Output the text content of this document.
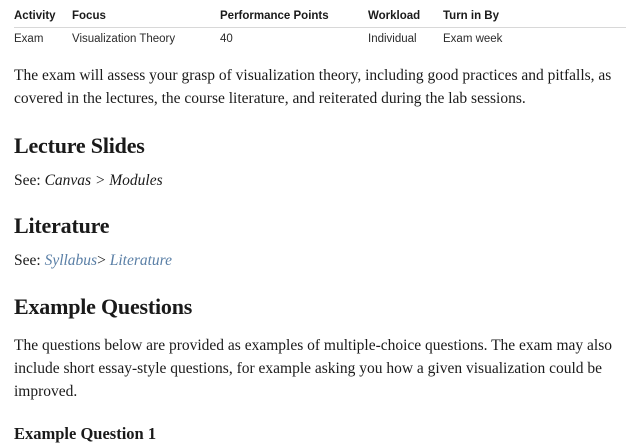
Activity	Focus	Performance Points	Workload	Turn in By
Exam	Visualization Theory	40	Individual	Exam week

The exam will assess your grasp of visualization theory, including good practices and pitfalls, as covered in the lectures, the course literature, and reiterated during the lab sessions.

Lecture Slides

See: Canvas > Modules

Literature

See: Syllabus> Literature

Example Questions

The questions below are provided as examples of multiple-choice questions. The exam may also include short essay-style questions, for example asking you how a given visualization could be improved.

Example Question 1
